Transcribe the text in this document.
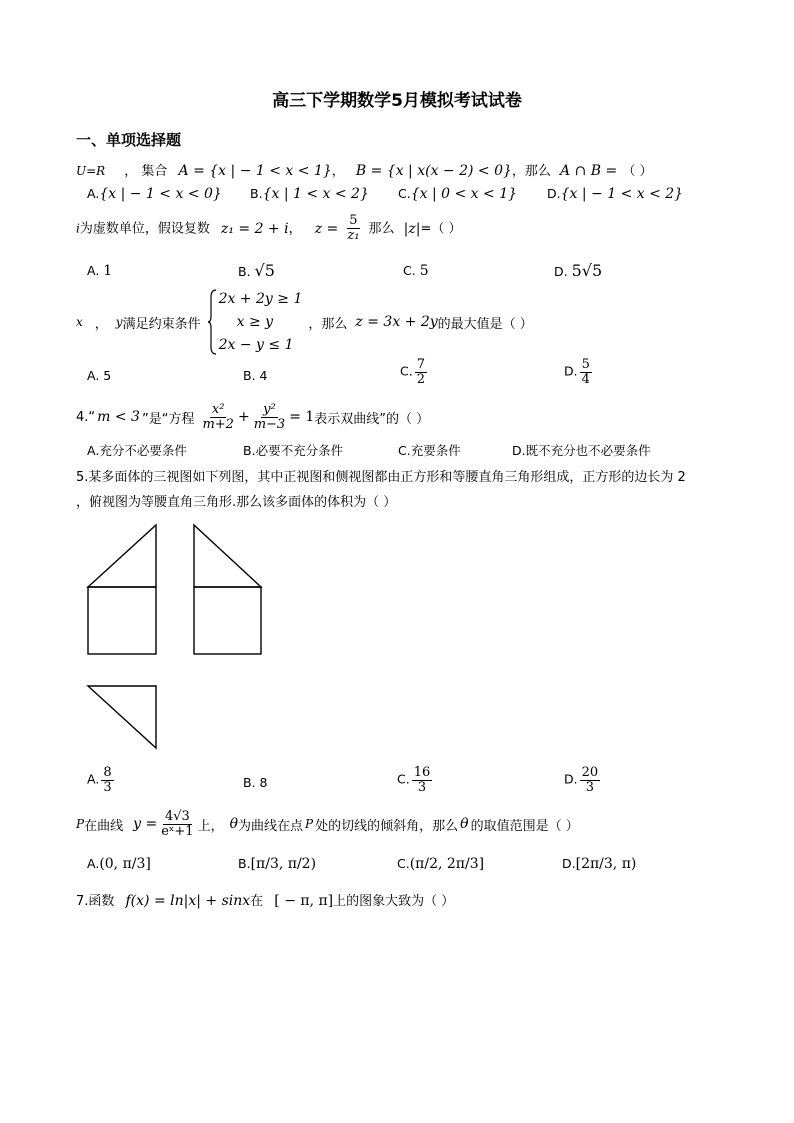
高三下学期数学5月模拟考试试卷
一、单项选择题
U=R ， 集合 A = {x | − 1 < x < 1}， B = {x | x(x − 2) < 0}，那么 A ∩ B = （ ）
A.{x | − 1 < x < 0} B.{x | 1 < x < 2} C.{x | 0 < x < 1} D.{x | − 1 < x < 2}
i为虚数单位，假设复数 z₁ = 2 + i， $z = \frac{5}{\text{z₁}}$ 那么 |z|=（ ）
A. 1	B. √5	C. 5	D. 5√5
x ， y 满足约束条件
2x + 2y ≥ 1
x ≥ y
2x − y ≤ 1
，那么 z = 3x + 2y 的最大值是（ ）
A. 5	B. 4	C. $\frac{7}{2}$	D. $\frac{5}{4}$
4.“ m < 3 ”是“方程 $\frac{\text{x²}}{m+2} + \frac{\text{y²}}{m-3} = 1$ 表示双曲线”的（ ）
A.充分不必要条件	B.必要不充分条件	C.充要条件	D.既不充分也不必要条件
5.某多面体的三视图如下列图，其中正视图和侧视图都由正方形和等腰直角三角形组成，正方形的边长为 2
，俯视图为等腰直角三角形.那么该多面体的体积为（ ）
A. $\frac{8}{3}$	B. 8	C. $\frac{16}{3}$	D. $\frac{20}{3}$
P 在曲线 $y = \frac{4√3}{\text{eˣ+1}}$ 上， θ 为曲线在点 P 处的切线的倾斜角，那么 θ 的取值范围是（ ）
A.(0, π/3]	B.[π/3, π/2)	C.(π/2, 2π/3]	D.[2π/3, π)
7.函数 f(x) = ln|x| + sinx在 [ − π, π]上的图象大致为（ ）
